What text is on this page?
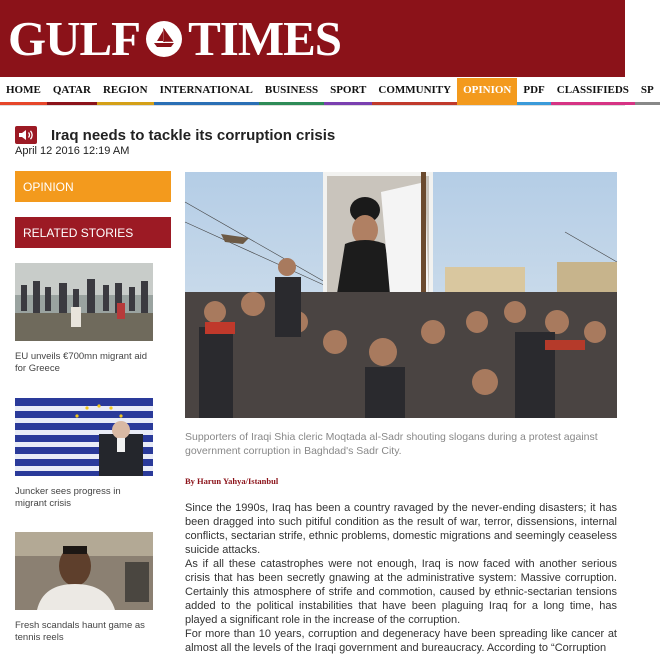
GULF TIMES
HOME	QATAR	REGION	INTERNATIONAL	BUSINESS	SPORT	COMMUNITY	OPINION	PDF	CLASSIFIEDS	SP
Iraq needs to tackle its corruption crisis
April 12 2016 12:19 AM
OPINION
RELATED STORIES
EU unveils €700mn migrant aid for Greece
Juncker sees progress in migrant crisis
Fresh scandals haunt game as tennis reels
Supporters of Iraqi Shia cleric Moqtada al-Sadr shouting slogans during a protest against government corruption in Baghdad's Sadr City.
By Harun Yahya/Istanbul

Since the 1990s, Iraq has been a country ravaged by the never-ending disasters; it has been dragged into such pitiful condition as the result of war, terror, dissensions, internal conflicts, sectarian strife, ethnic problems, domestic migrations and seemingly ceaseless suicide attacks.

As if all these catastrophes were not enough, Iraq is now faced with another serious crisis that has been secretly gnawing at the administrative system: Massive corruption. Certainly this atmosphere of strife and commotion, caused by ethnic-sectarian tensions added to the political instabilities that have been plaguing Iraq for a long time, has played a significant role in the increase of the corruption.

For more than 10 years, corruption and degeneracy have been spreading like cancer at almost all the levels of the Iraqi government and bureaucracy. According to “Corruption
